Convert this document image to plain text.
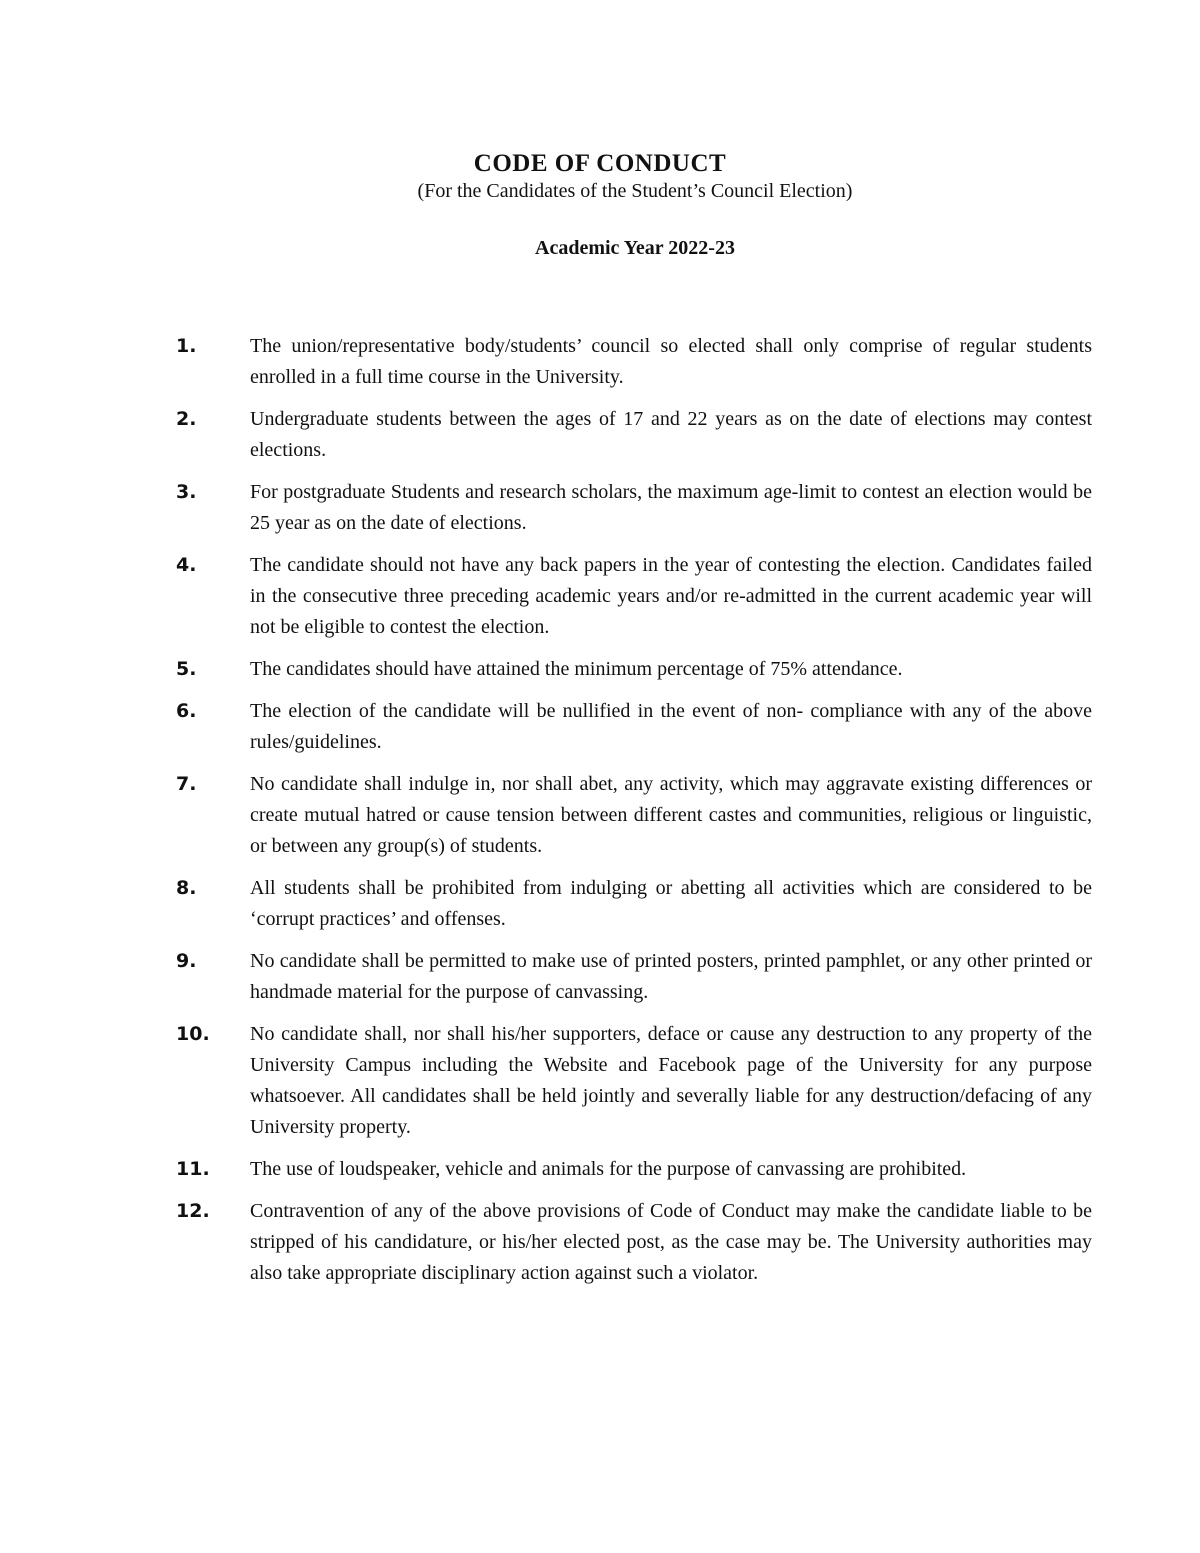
CODE OF CONDUCT
(For the Candidates of the Student’s Council Election)
Academic Year 2022-23
1.	The union/representative body/students’ council so elected shall only comprise of regular students enrolled in a full time course in the University.
2.	Undergraduate students between the ages of 17 and 22 years as on the date of elections may contest elections.
3.	For postgraduate Students and research scholars, the maximum age-limit to contest an election would be 25 year as on the date of elections.
4.	The candidate should not have any back papers in the year of contesting the election. Candidates failed in the consecutive three preceding academic years and/or re-admitted in the current academic year will not be eligible to contest the election.
5.	The candidates should have attained the minimum percentage of 75% attendance.
6.	The election of the candidate will be nullified in the event of non- compliance with any of the above rules/guidelines.
7.	No candidate shall indulge in, nor shall abet, any activity, which may aggravate existing differences or create mutual hatred or cause tension between different castes and communities, religious or linguistic, or between any group(s) of students.
8.	All students shall be prohibited from indulging or abetting all activities which are considered to be ‘corrupt practices’ and offenses.
9.	No candidate shall be permitted to make use of printed posters, printed pamphlet, or any other printed or handmade material for the purpose of canvassing.
10. No candidate shall, nor shall his/her supporters, deface or cause any destruction to any property of the University Campus including the Website and Facebook page of the University for any purpose whatsoever. All candidates shall be held jointly and severally liable for any destruction/defacing of any University property.
11. The use of loudspeaker, vehicle and animals for the purpose of canvassing are prohibited.
12. Contravention of any of the above provisions of Code of Conduct may make the candidate liable to be stripped of his candidature, or his/her elected post, as the case may be. The University authorities may also take appropriate disciplinary action against such a violator.
